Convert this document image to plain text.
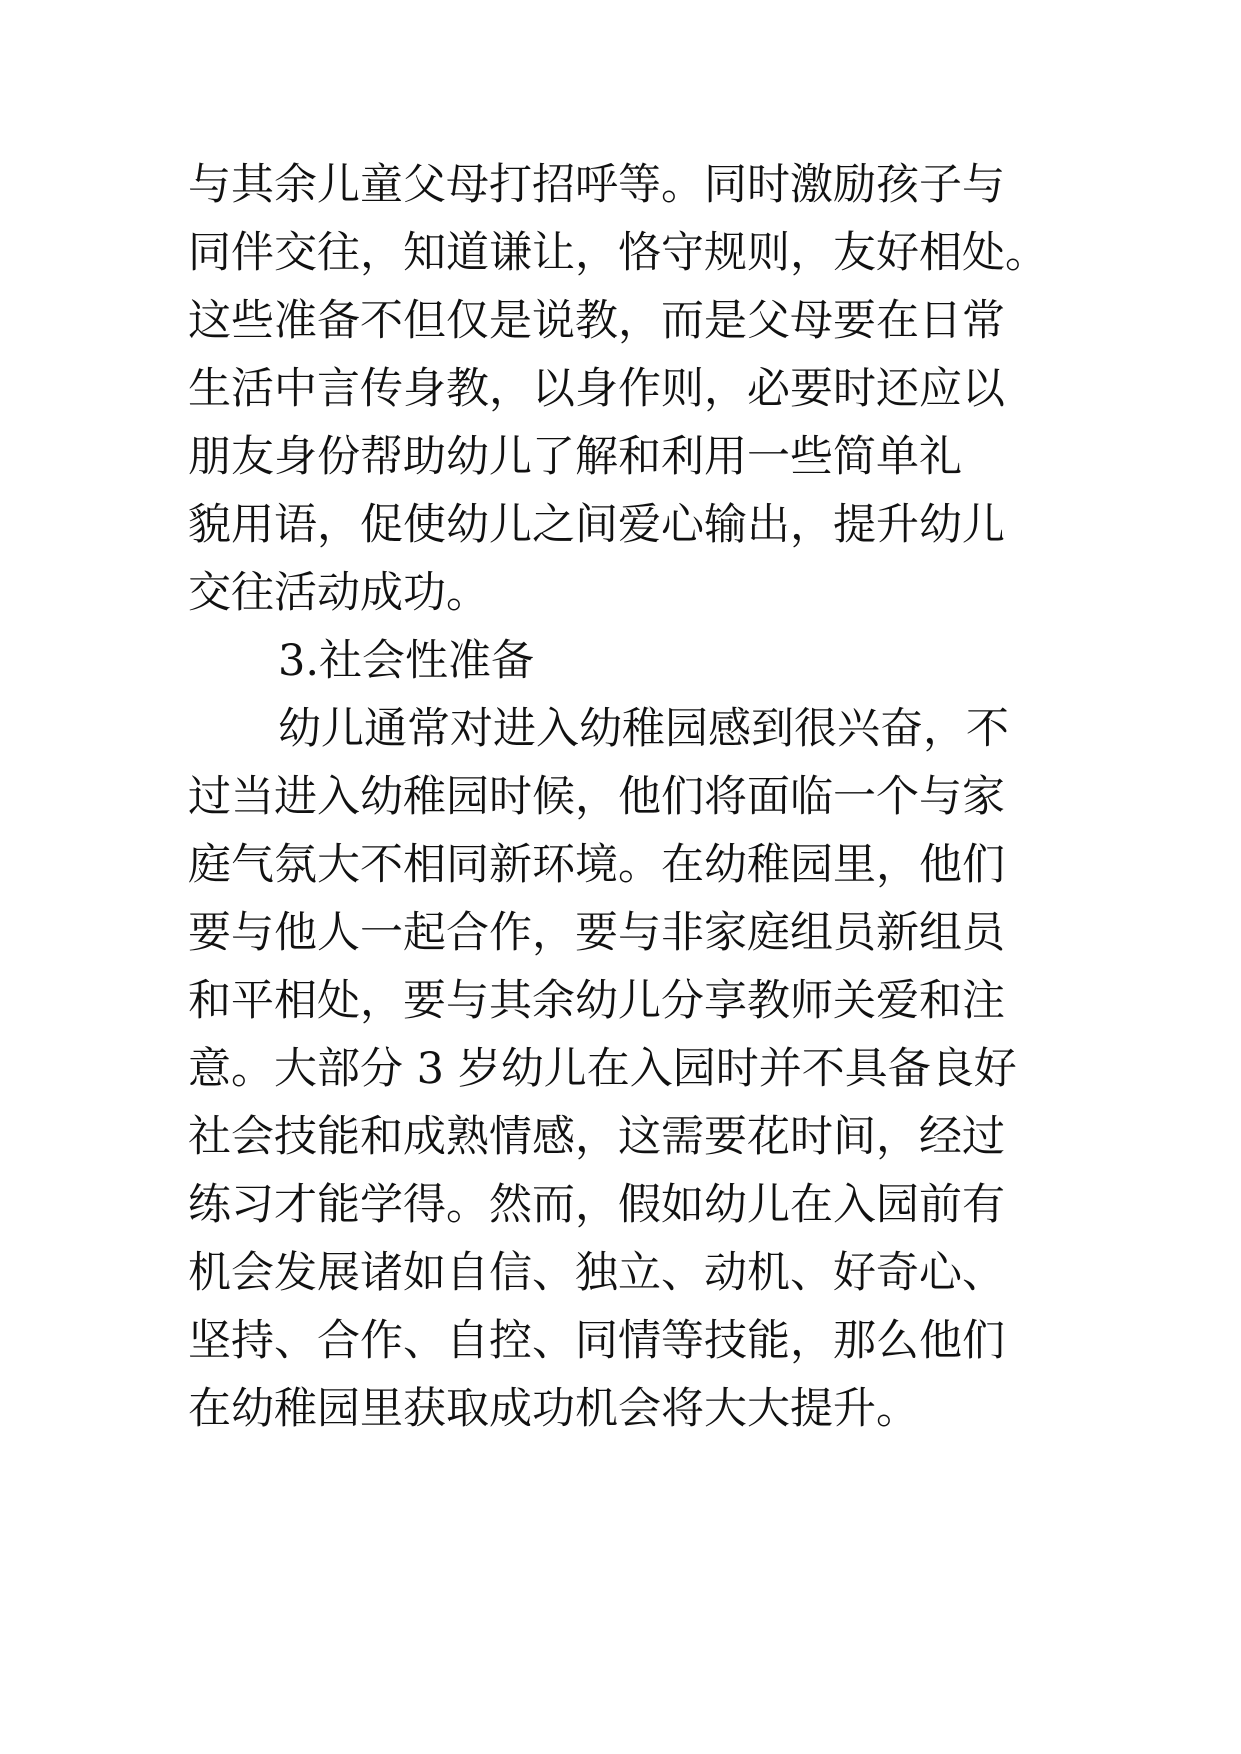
与其余儿童父母打招呼等。同时激励孩子与
同伴交往，知道谦让，恪守规则，友好相处。
这些准备不但仅是说教，而是父母要在日常
生活中言传身教，以身作则，必要时还应以
朋友身份帮助幼儿了解和利用一些简单礼
貌用语，促使幼儿之间爱心输出，提升幼儿
交往活动成功。
3.社会性准备
幼儿通常对进入幼稚园感到很兴奋，不
过当进入幼稚园时候，他们将面临一个与家
庭气氛大不相同新环境。在幼稚园里，他们
要与他人一起合作，要与非家庭组员新组员
和平相处，要与其余幼儿分享教师关爱和注
意。大部分 3 岁幼儿在入园时并不具备良好
社会技能和成熟情感，这需要花时间，经过
练习才能学得。然而，假如幼儿在入园前有
机会发展诸如自信、独立、动机、好奇心、
坚持、合作、自控、同情等技能，那么他们
在幼稚园里获取成功机会将大大提升。
